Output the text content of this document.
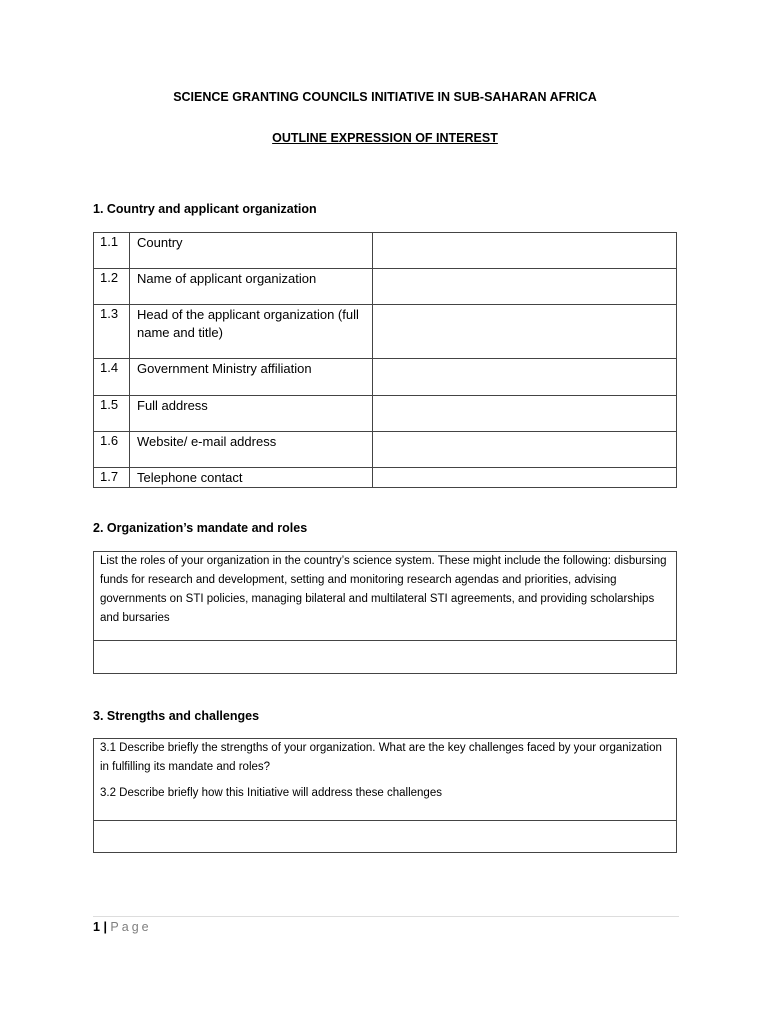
SCIENCE GRANTING COUNCILS INITIATIVE IN SUB-SAHARAN AFRICA
OUTLINE EXPRESSION OF INTEREST
1. Country and applicant organization
1.1	Country	
1.2	Name of applicant organization	
1.3	Head of the applicant organization (full name and title)	
1.4	Government Ministry affiliation	
1.5	Full address	
1.6	Website/ e-mail address	
1.7	Telephone contact	
2. Organization’s mandate and roles
List the roles of your organization in the country’s science system. These might include the following: disbursing funds for research and development, setting and monitoring research agendas and priorities, advising governments on STI policies, managing bilateral and multilateral STI agreements, and providing scholarships and bursaries
3. Strengths and challenges
3.1 Describe briefly the strengths of your organization. What are the key challenges faced by your organization in fulfilling its mandate and roles?
3.2 Describe briefly how this Initiative will address these challenges
1 | Page
